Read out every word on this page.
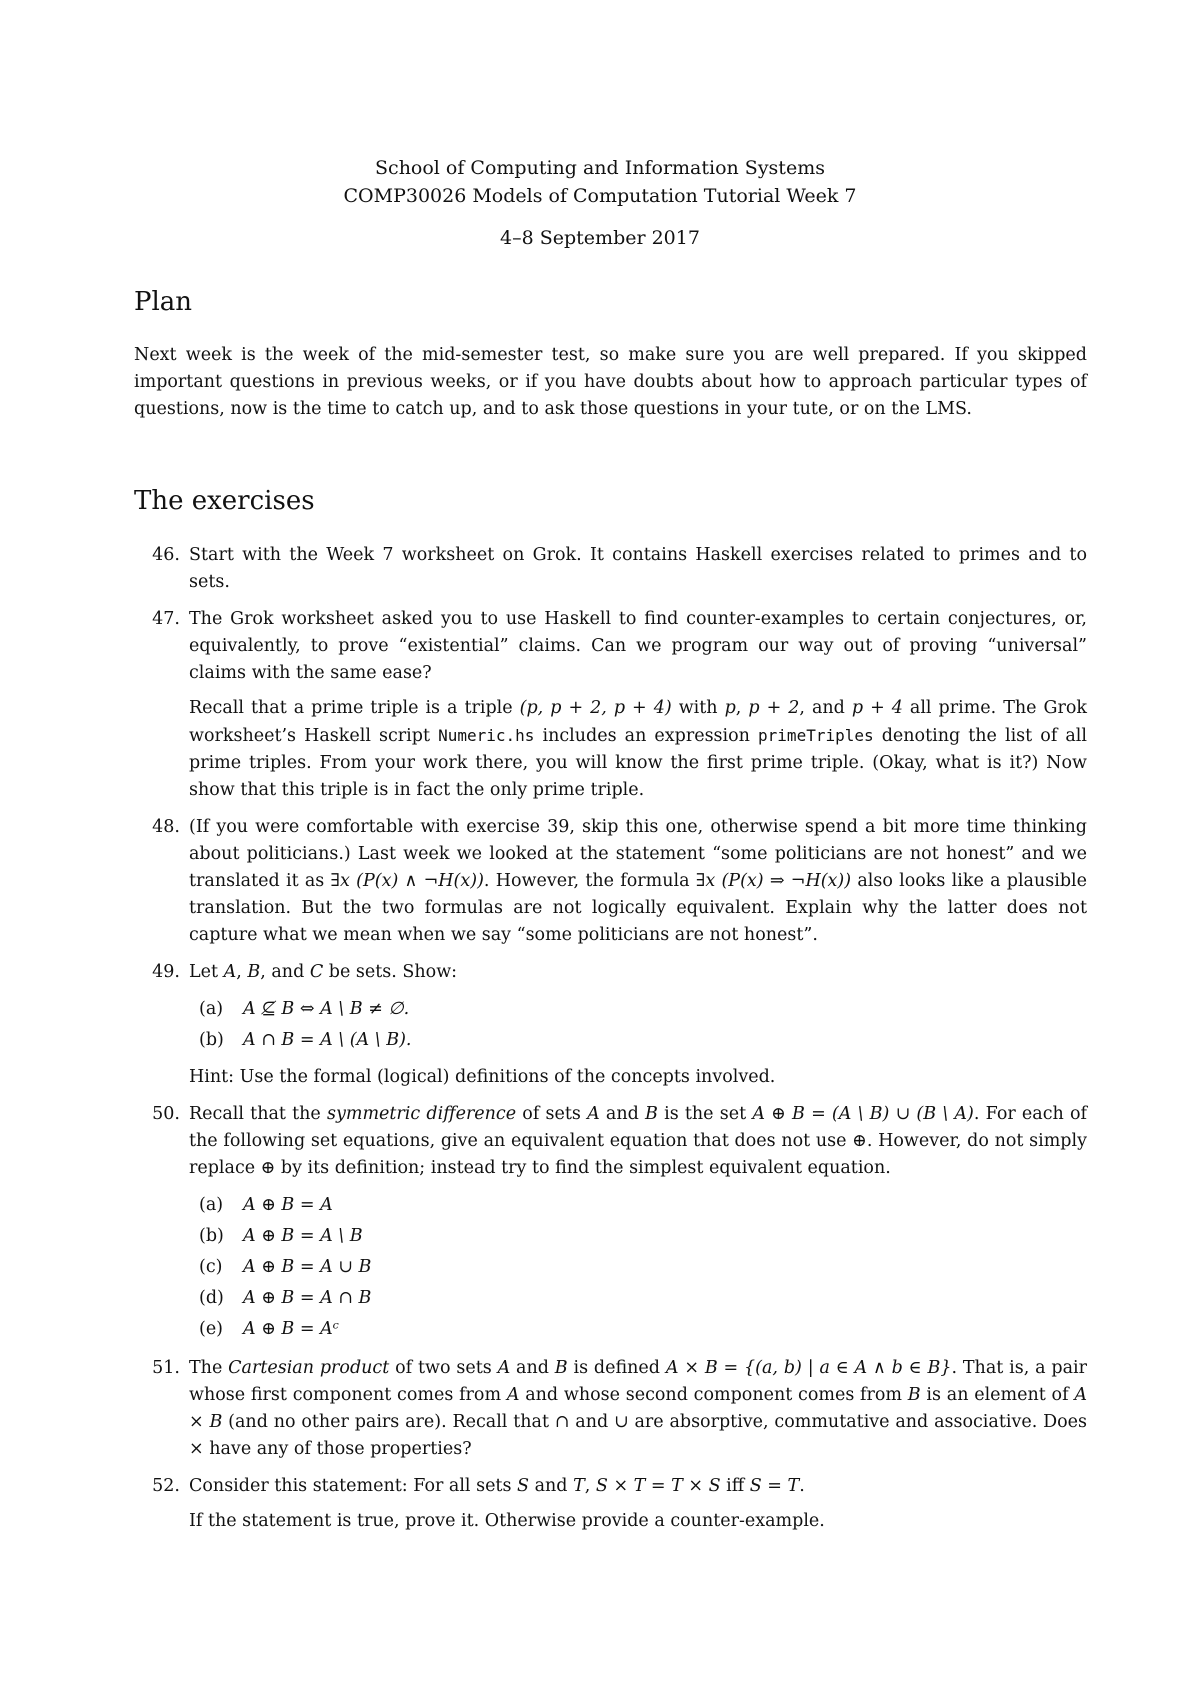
School of Computing and Information Systems
COMP30026 Models of Computation Tutorial Week 7
4–8 September 2017
Plan
Next week is the week of the mid-semester test, so make sure you are well prepared. If you skipped important questions in previous weeks, or if you have doubts about how to approach particular types of questions, now is the time to catch up, and to ask those questions in your tute, or on the LMS.
The exercises
46. Start with the Week 7 worksheet on Grok. It contains Haskell exercises related to primes and to sets.

47. The Grok worksheet asked you to use Haskell to find counter-examples to certain conjectures, or, equivalently, to prove “existential” claims. Can we program our way out of proving “universal” claims with the same ease?

Recall that a prime triple is a triple (p, p + 2, p + 4) with p, p + 2, and p + 4 all prime. The Grok worksheet’s Haskell script Numeric.hs includes an expression primeTriples denoting the list of all prime triples. From your work there, you will know the first prime triple. (Okay, what is it?) Now show that this triple is in fact the only prime triple.

48. (If you were comfortable with exercise 39, skip this one, otherwise spend a bit more time thinking about politicians.) Last week we looked at the statement “some politicians are not honest” and we translated it as ∃x (P(x) ∧ ¬H(x)). However, the formula ∃x (P(x) ⇒ ¬H(x)) also looks like a plausible translation. But the two formulas are not logically equivalent. Explain why the latter does not capture what we mean when we say “some politicians are not honest”.

49. Let A, B, and C be sets. Show:

(a) A ⊈ B ⇔ A \ B ≠ ∅.
(b) A ∩ B = A \ (A \ B).

Hint: Use the formal (logical) definitions of the concepts involved.

50. Recall that the symmetric difference of sets A and B is the set A ⊕ B = (A \ B) ∪ (B \ A). For each of the following set equations, give an equivalent equation that does not use ⊕. However, do not simply replace ⊕ by its definition; instead try to find the simplest equivalent equation.

(a) A ⊕ B = A
(b) A ⊕ B = A \ B
(c) A ⊕ B = A ∪ B
(d) A ⊕ B = A ∩ B
(e) A ⊕ B = Aᶜ
51. The Cartesian product of two sets A and B is defined A × B = {(a, b) | a ∈ A ∧ b ∈ B}. That is, a pair whose first component comes from A and whose second component comes from B is an element of A × B (and no other pairs are). Recall that ∩ and ∪ are absorptive, commutative and associative. Does × have any of those properties?

52. Consider this statement: For all sets S and T, S × T = T × S iff S = T.

If the statement is true, prove it. Otherwise provide a counter-example.
